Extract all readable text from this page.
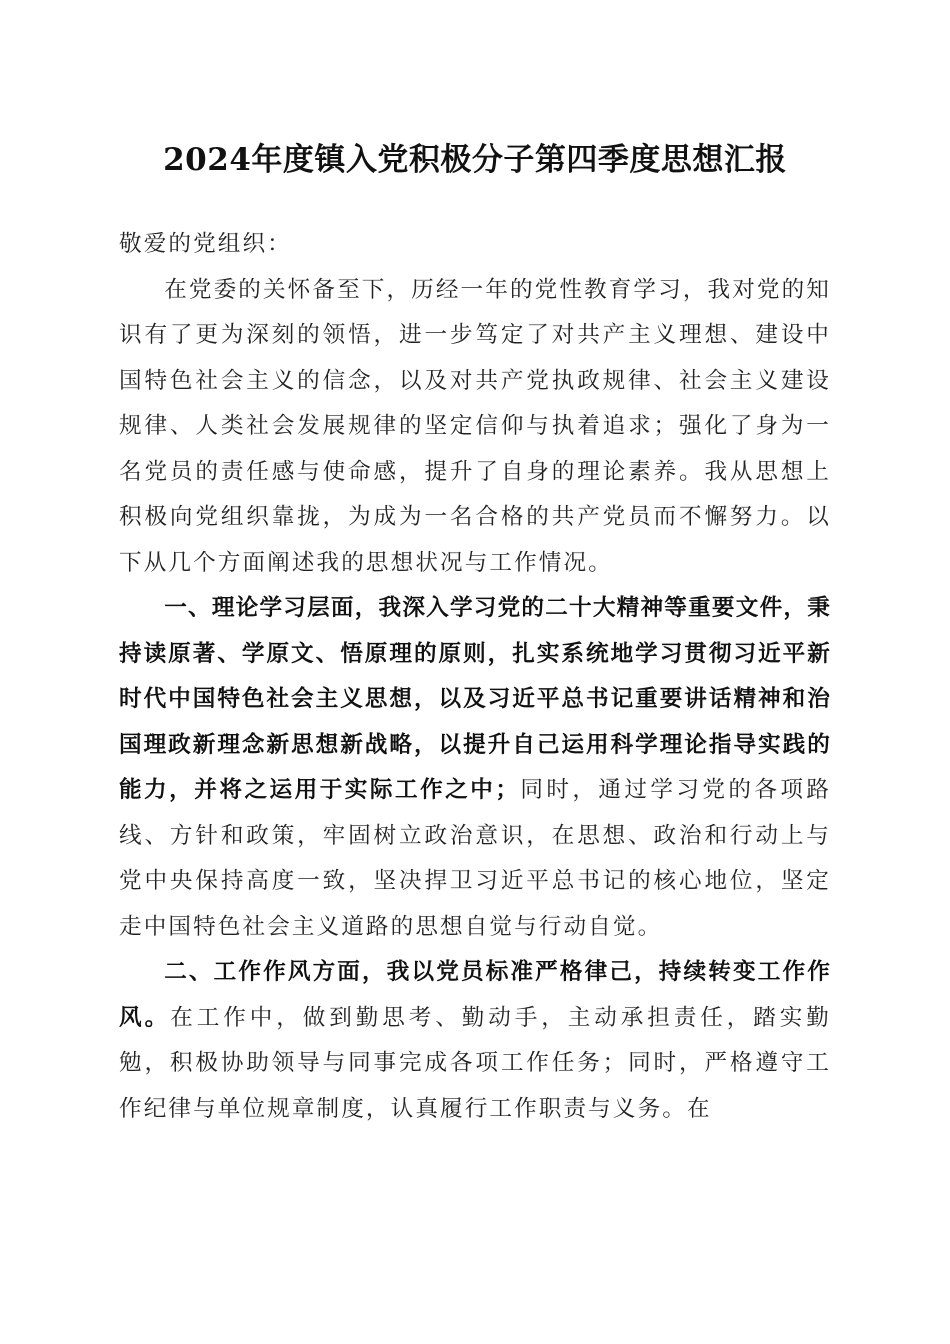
2024年度镇入党积极分子第四季度思想汇报

敬爱的党组织：

在党委的关怀备至下，历经一年的党性教育学习，我对党的知识有了更为深刻的领悟，进一步笃定了对共产主义理想、建设中国特色社会主义的信念，以及对共产党执政规律、社会主义建设规律、人类社会发展规律的坚定信仰与执着追求；强化了身为一名党员的责任感与使命感，提升了自身的理论素养。我从思想上积极向党组织靠拢，为成为一名合格的共产党员而不懈努力。以下从几个方面阐述我的思想状况与工作情况。

一、理论学习层面，我深入学习党的二十大精神等重要文件，秉持读原著、学原文、悟原理的原则，扎实系统地学习贯彻习近平新时代中国特色社会主义思想，以及习近平总书记重要讲话精神和治国理政新理念新思想新战略，以提升自己运用科学理论指导实践的能力，并将之运用于实际工作之中；同时，通过学习党的各项路线、方针和政策，牢固树立政治意识，在思想、政治和行动上与党中央保持高度一致，坚决捍卫习近平总书记的核心地位，坚定走中国特色社会主义道路的思想自觉与行动自觉。

二、工作作风方面，我以党员标准严格律己，持续转变工作作风。在工作中，做到勤思考、勤动手，主动承担责任，踏实勤勉，积极协助领导与同事完成各项工作任务；同时，严格遵守工作纪律与单位规章制度，认真履行工作职责与义务。在
